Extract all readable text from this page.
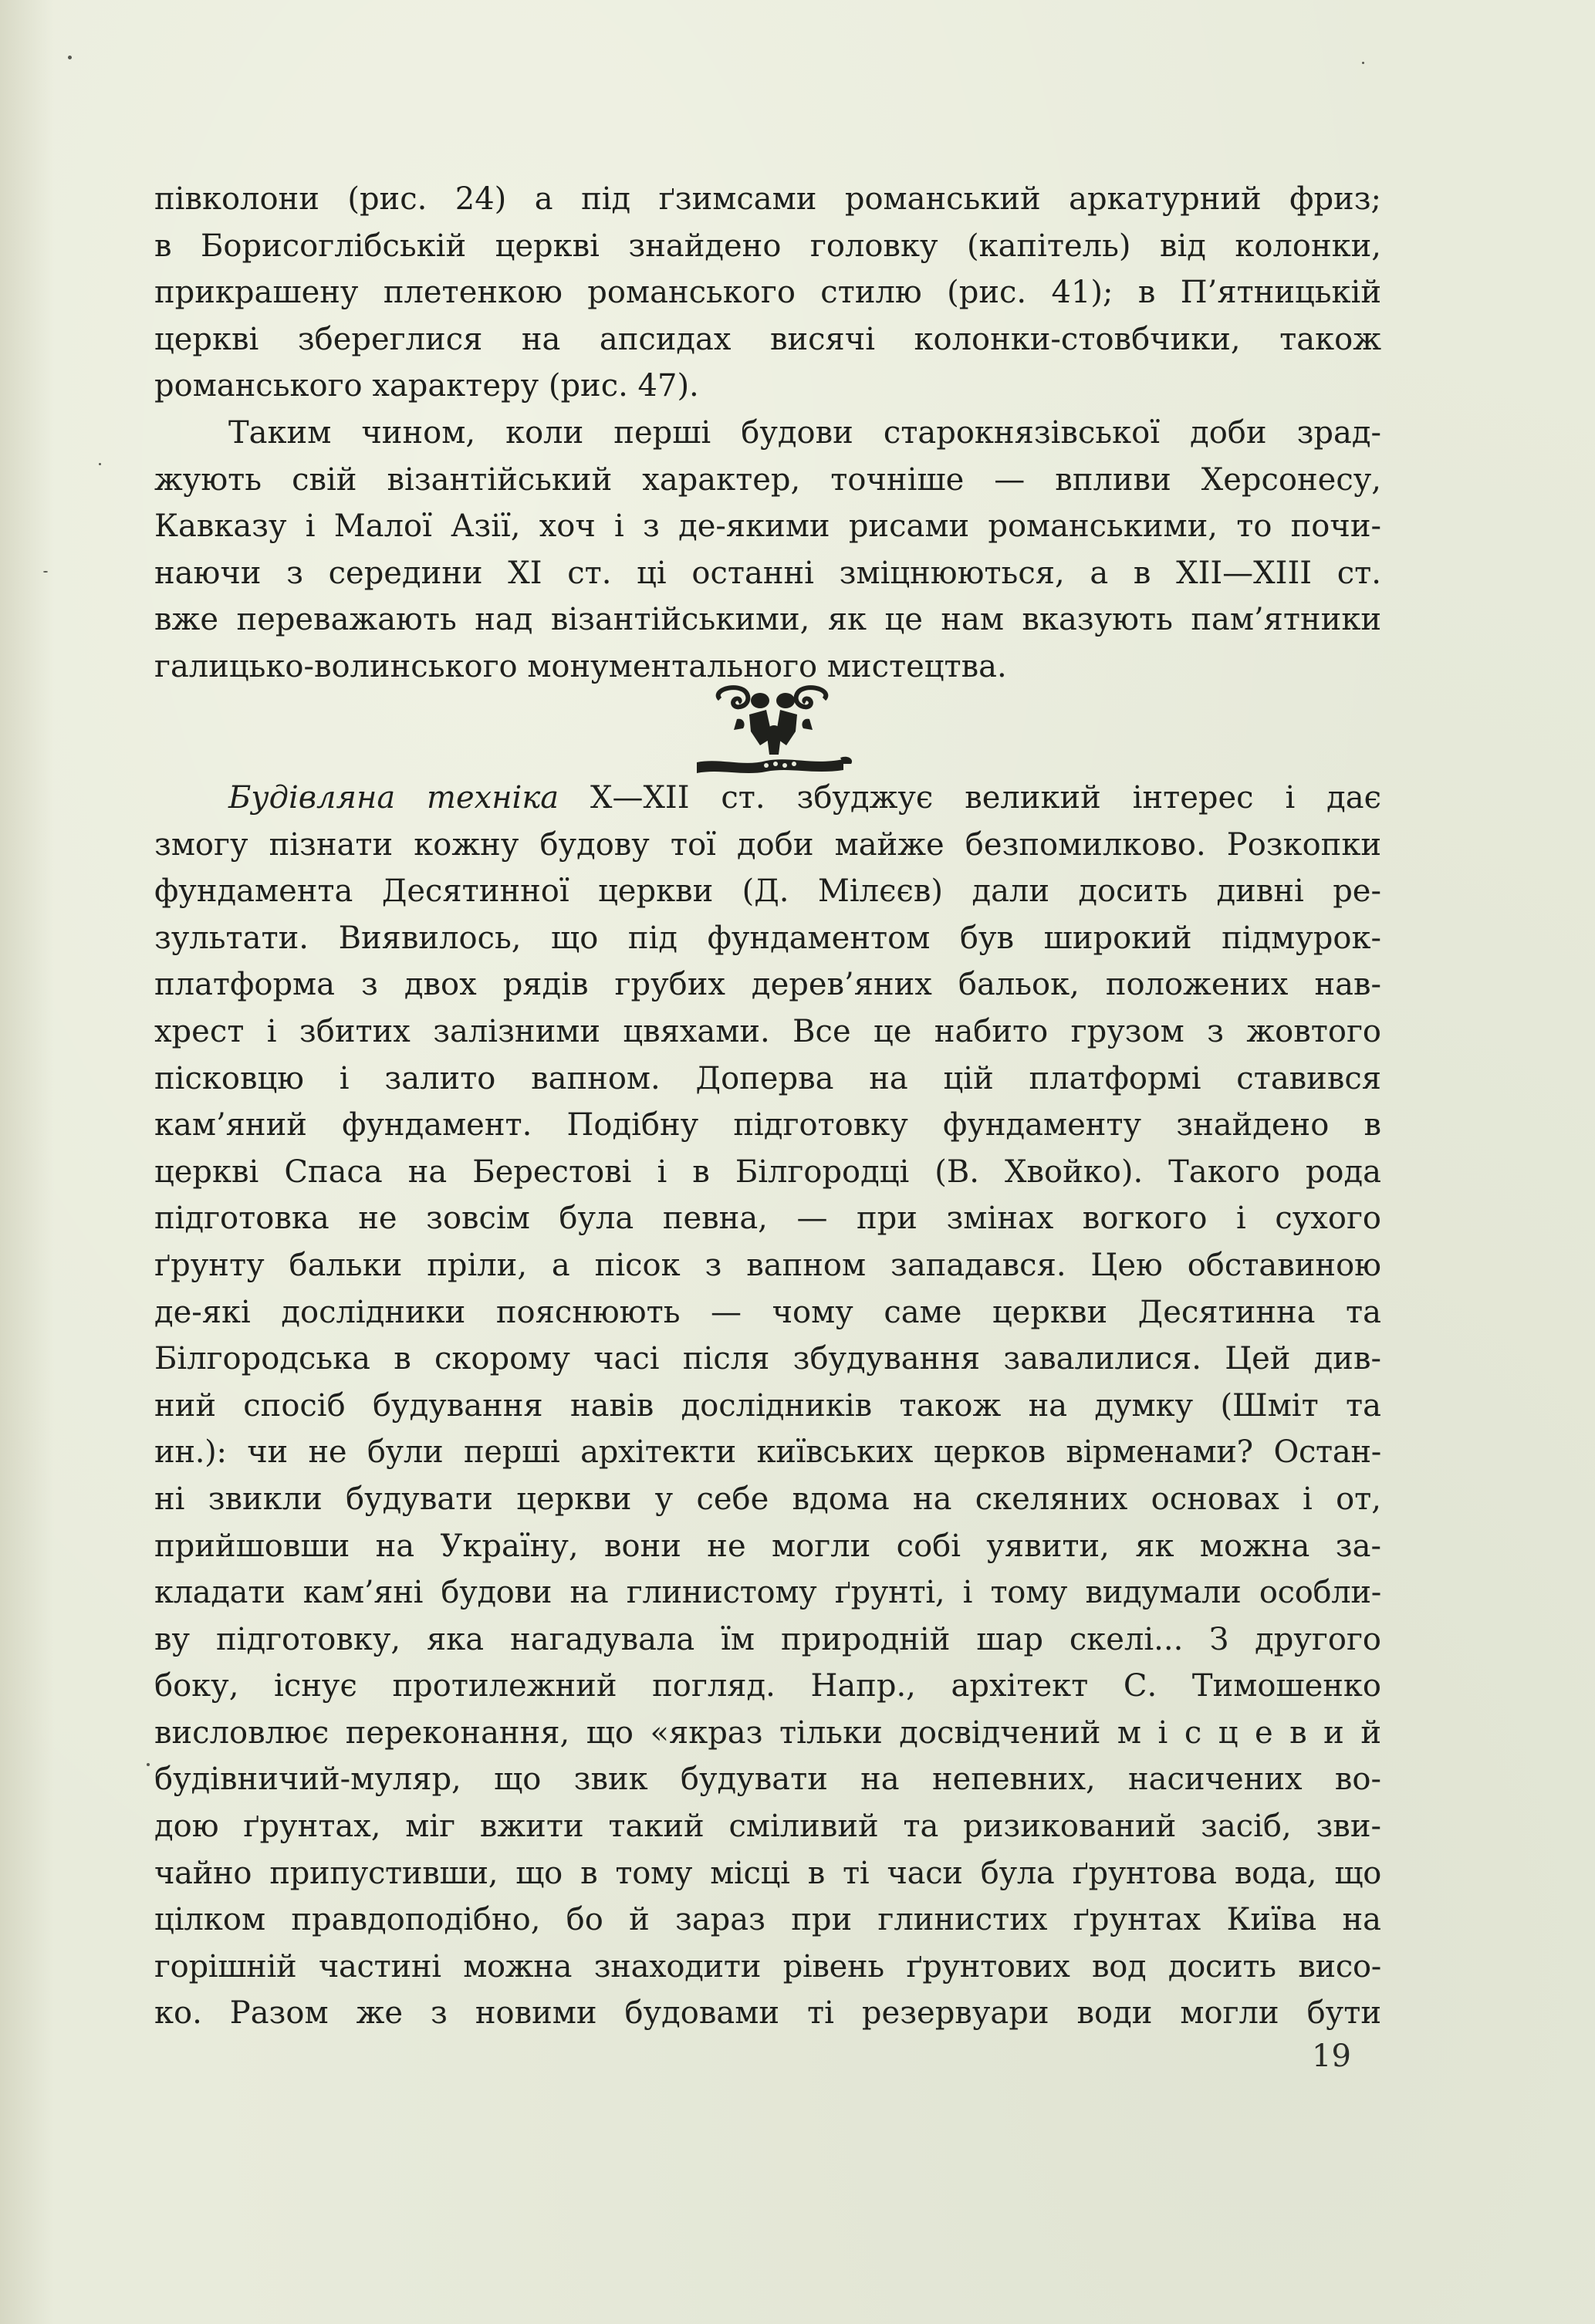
півколони (рис. 24) а під ґзимсами романський аркатурний фриз;
в Борисоглібській церкві знайдено головку (капітель) від колонки,
прикрашену плетенкою романського стилю (рис. 41); в П’ятницькій
церкві збереглися на апсидах висячі колонки-стовбчики, також
романського характеру (рис. 47).
Таким чином, коли перші будови старокнязівської доби зрад-
жують свій візантійський характер, точніше — впливи Херсонесу,
Кавказу і Малої Азії, хоч і з де-якими рисами романськими, то почи-
наючи з середини XI ст. ці останні зміцнюються, а в XII—XIII ст.
вже переважають над візантійськими, як це нам вказують пам’ятники
галицько-волинського монументального мистецтва.
Будівляна техніка X—XII ст. збуджує великий інтерес і дає
змогу пізнати кожну будову тої доби майже безпомилково. Розкопки
фундамента Десятинної церкви (Д. Мілєєв) дали досить дивні ре-
зультати. Виявилось, що під фундаментом був широкий підмурок-
платформа з двох рядів грубих дерев’яних бальок, положених нав-
хрест і збитих залізними цвяхами. Все це набито грузом з жовтого
пісковцю і залито вапном. Доперва на цій платформі ставився
кам’яний фундамент. Подібну підготовку фундаменту знайдено в
церкві Спаса на Берестові і в Білгородці (В. Хвойко). Такого рода
підготовка не зовсім була певна, — при змінах вогкого і сухого
ґрунту бальки пріли, а пісок з вапном западався. Цею обставиною
де-які дослідники пояснюють — чому саме церкви Десятинна та
Білгородська в скорому часі після збудування завалилися. Цей див-
ний спосіб будування навів дослідників також на думку (Шміт та
ин.): чи не були перші архітекти київських церков вірменами? Остан-
ні звикли будувати церкви у себе вдома на скеляних основах і от,
прийшовши на Україну, вони не могли собі уявити, як можна за-
кладати кам’яні будови на глинистому ґрунті, і тому видумали особли-
ву підготовку, яка нагадувала їм природній шар скелі... З другого
боку, існує протилежний погляд. Напр., архітект С. Тимошенко
висловлює переконання, що «якраз тільки досвідчений м і с ц е в и й
будівничий-муляр, що звик будувати на непевних, насичених во-
дою ґрунтах, міг вжити такий сміливий та ризикований засіб, зви-
чайно припустивши, що в тому місці в ті часи була ґрунтова вода, що
цілком правдоподібно, бо й зараз при глинистих ґрунтах Київа на
горішній частині можна знаходити рівень ґрунтових вод досить висо-
ко. Разом же з новими будовами ті резервуари води могли бути
19
